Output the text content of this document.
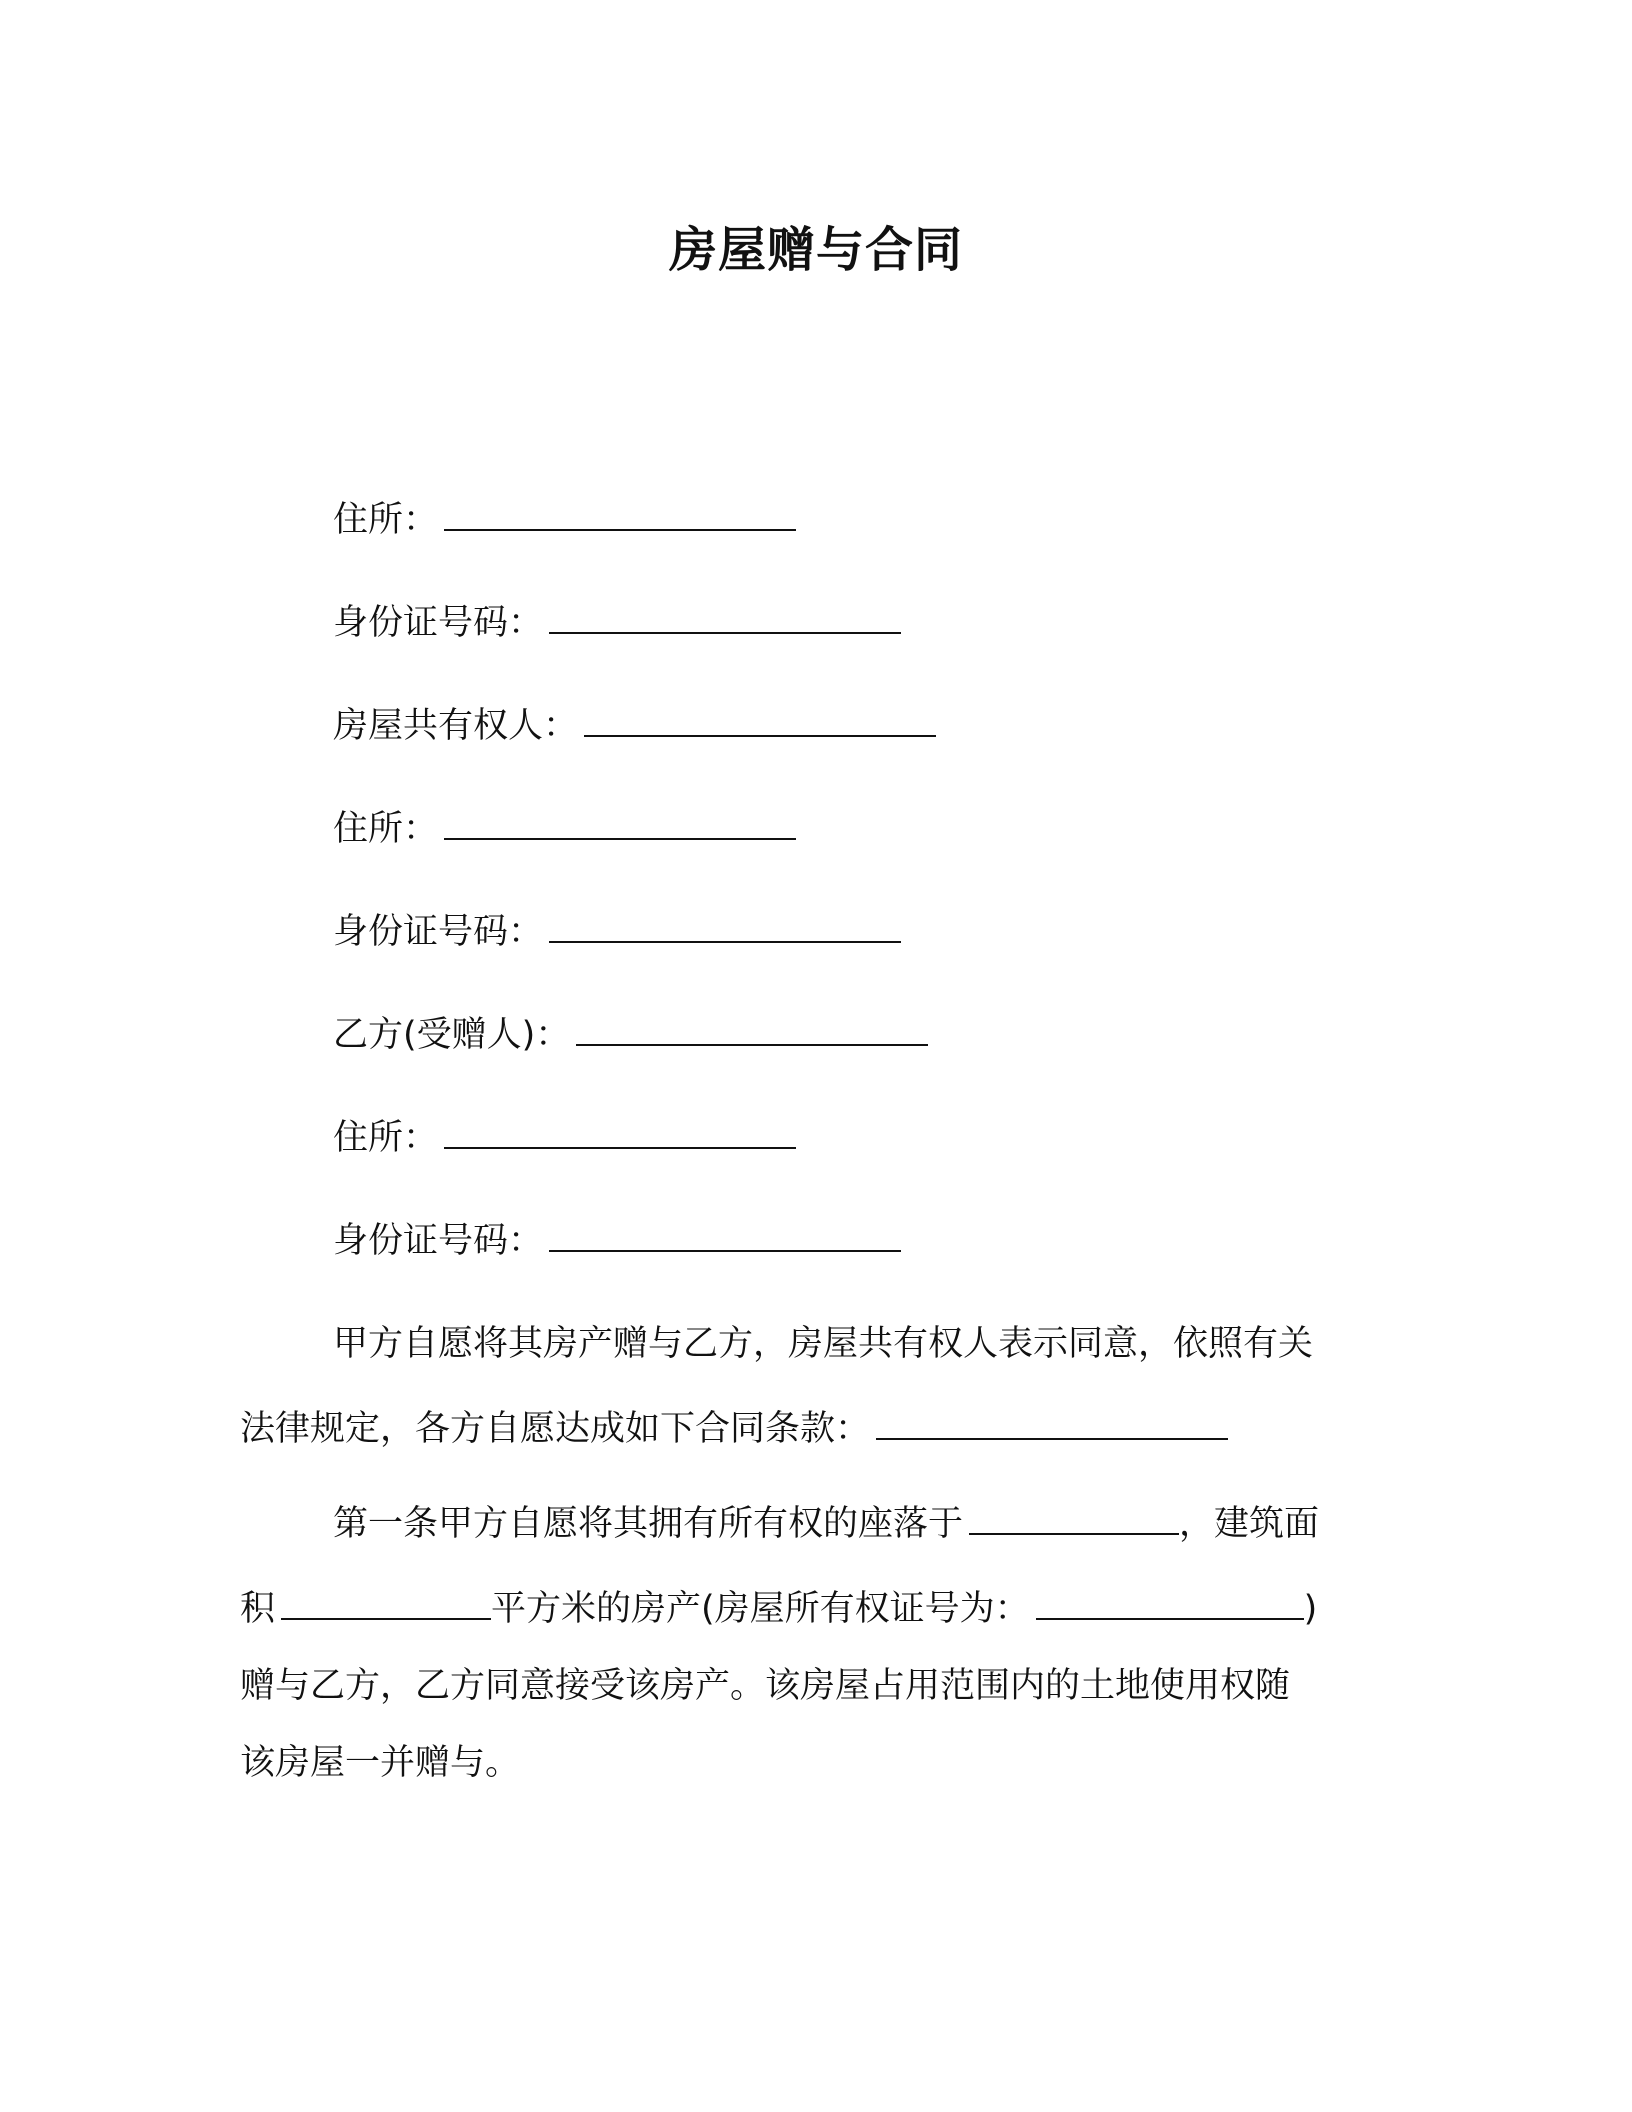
房屋赠与合同
住所：
身份证号码：
房屋共有权人：
住所：
身份证号码：
乙方(受赠人)：
住所：
身份证号码：
甲方自愿将其房产赠与乙方，房屋共有权人表示同意，依照有关
法律规定，各方自愿达成如下合同条款：
第一条甲方自愿将其拥有所有权的座落于	，建筑面
积	平方米的房产(房屋所有权证号为：	)
赠与乙方，乙方同意接受该房产。该房屋占用范围内的土地使用权随
该房屋一并赠与。
